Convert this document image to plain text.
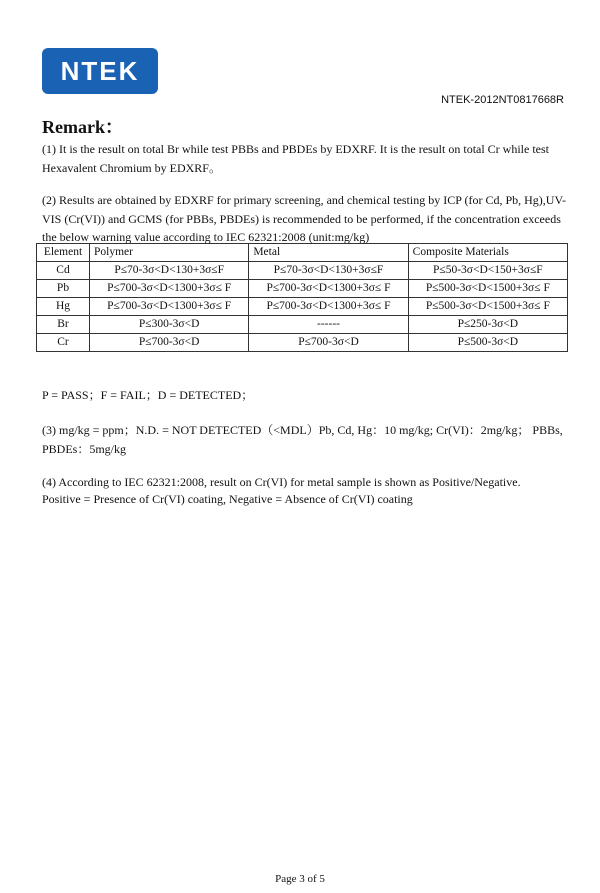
NTEK
NTEK-2012NT0817668R
Remark：
(1) It is the result on total Br while test PBBs and PBDEs by EDXRF. It is the result on total Cr while test Hexavalent Chromium by EDXRF。
(2) Results are obtained by EDXRF for primary screening, and chemical testing by ICP (for Cd, Pb, Hg),UV-VIS (Cr(VI)) and GCMS (for PBBs, PBDEs) is recommended to be performed, if the concentration exceeds the below warning value according to IEC 62321:2008 (unit:mg/kg)
Element	Polymer	Metal	Composite Materials
Cd	P≤70-3σ<D<130+3σ≤F	P≤70-3σ<D<130+3σ≤F	P≤50-3σ<D<150+3σ≤F
Pb	P≤700-3σ<D<1300+3σ≤ F	P≤700-3σ<D<1300+3σ≤ F	P≤500-3σ<D<1500+3σ≤ F
Hg	P≤700-3σ<D<1300+3σ≤ F	P≤700-3σ<D<1300+3σ≤ F	P≤500-3σ<D<1500+3σ≤ F
Br	P≤300-3σ<D	------	P≤250-3σ<D
Cr	P≤700-3σ<D	P≤700-3σ<D	P≤500-3σ<D
P = PASS；F = FAIL；D = DETECTED；
(3) mg/kg = ppm；N.D. = NOT DETECTED（<MDL）Pb, Cd, Hg：10 mg/kg; Cr(VI)：2mg/kg； PBBs, PBDEs：5mg/kg
(4) According to IEC 62321:2008, result on Cr(VI) for metal sample is shown as Positive/Negative.
Positive = Presence of Cr(VI) coating, Negative = Absence of Cr(VI) coating
Page 3 of 5
